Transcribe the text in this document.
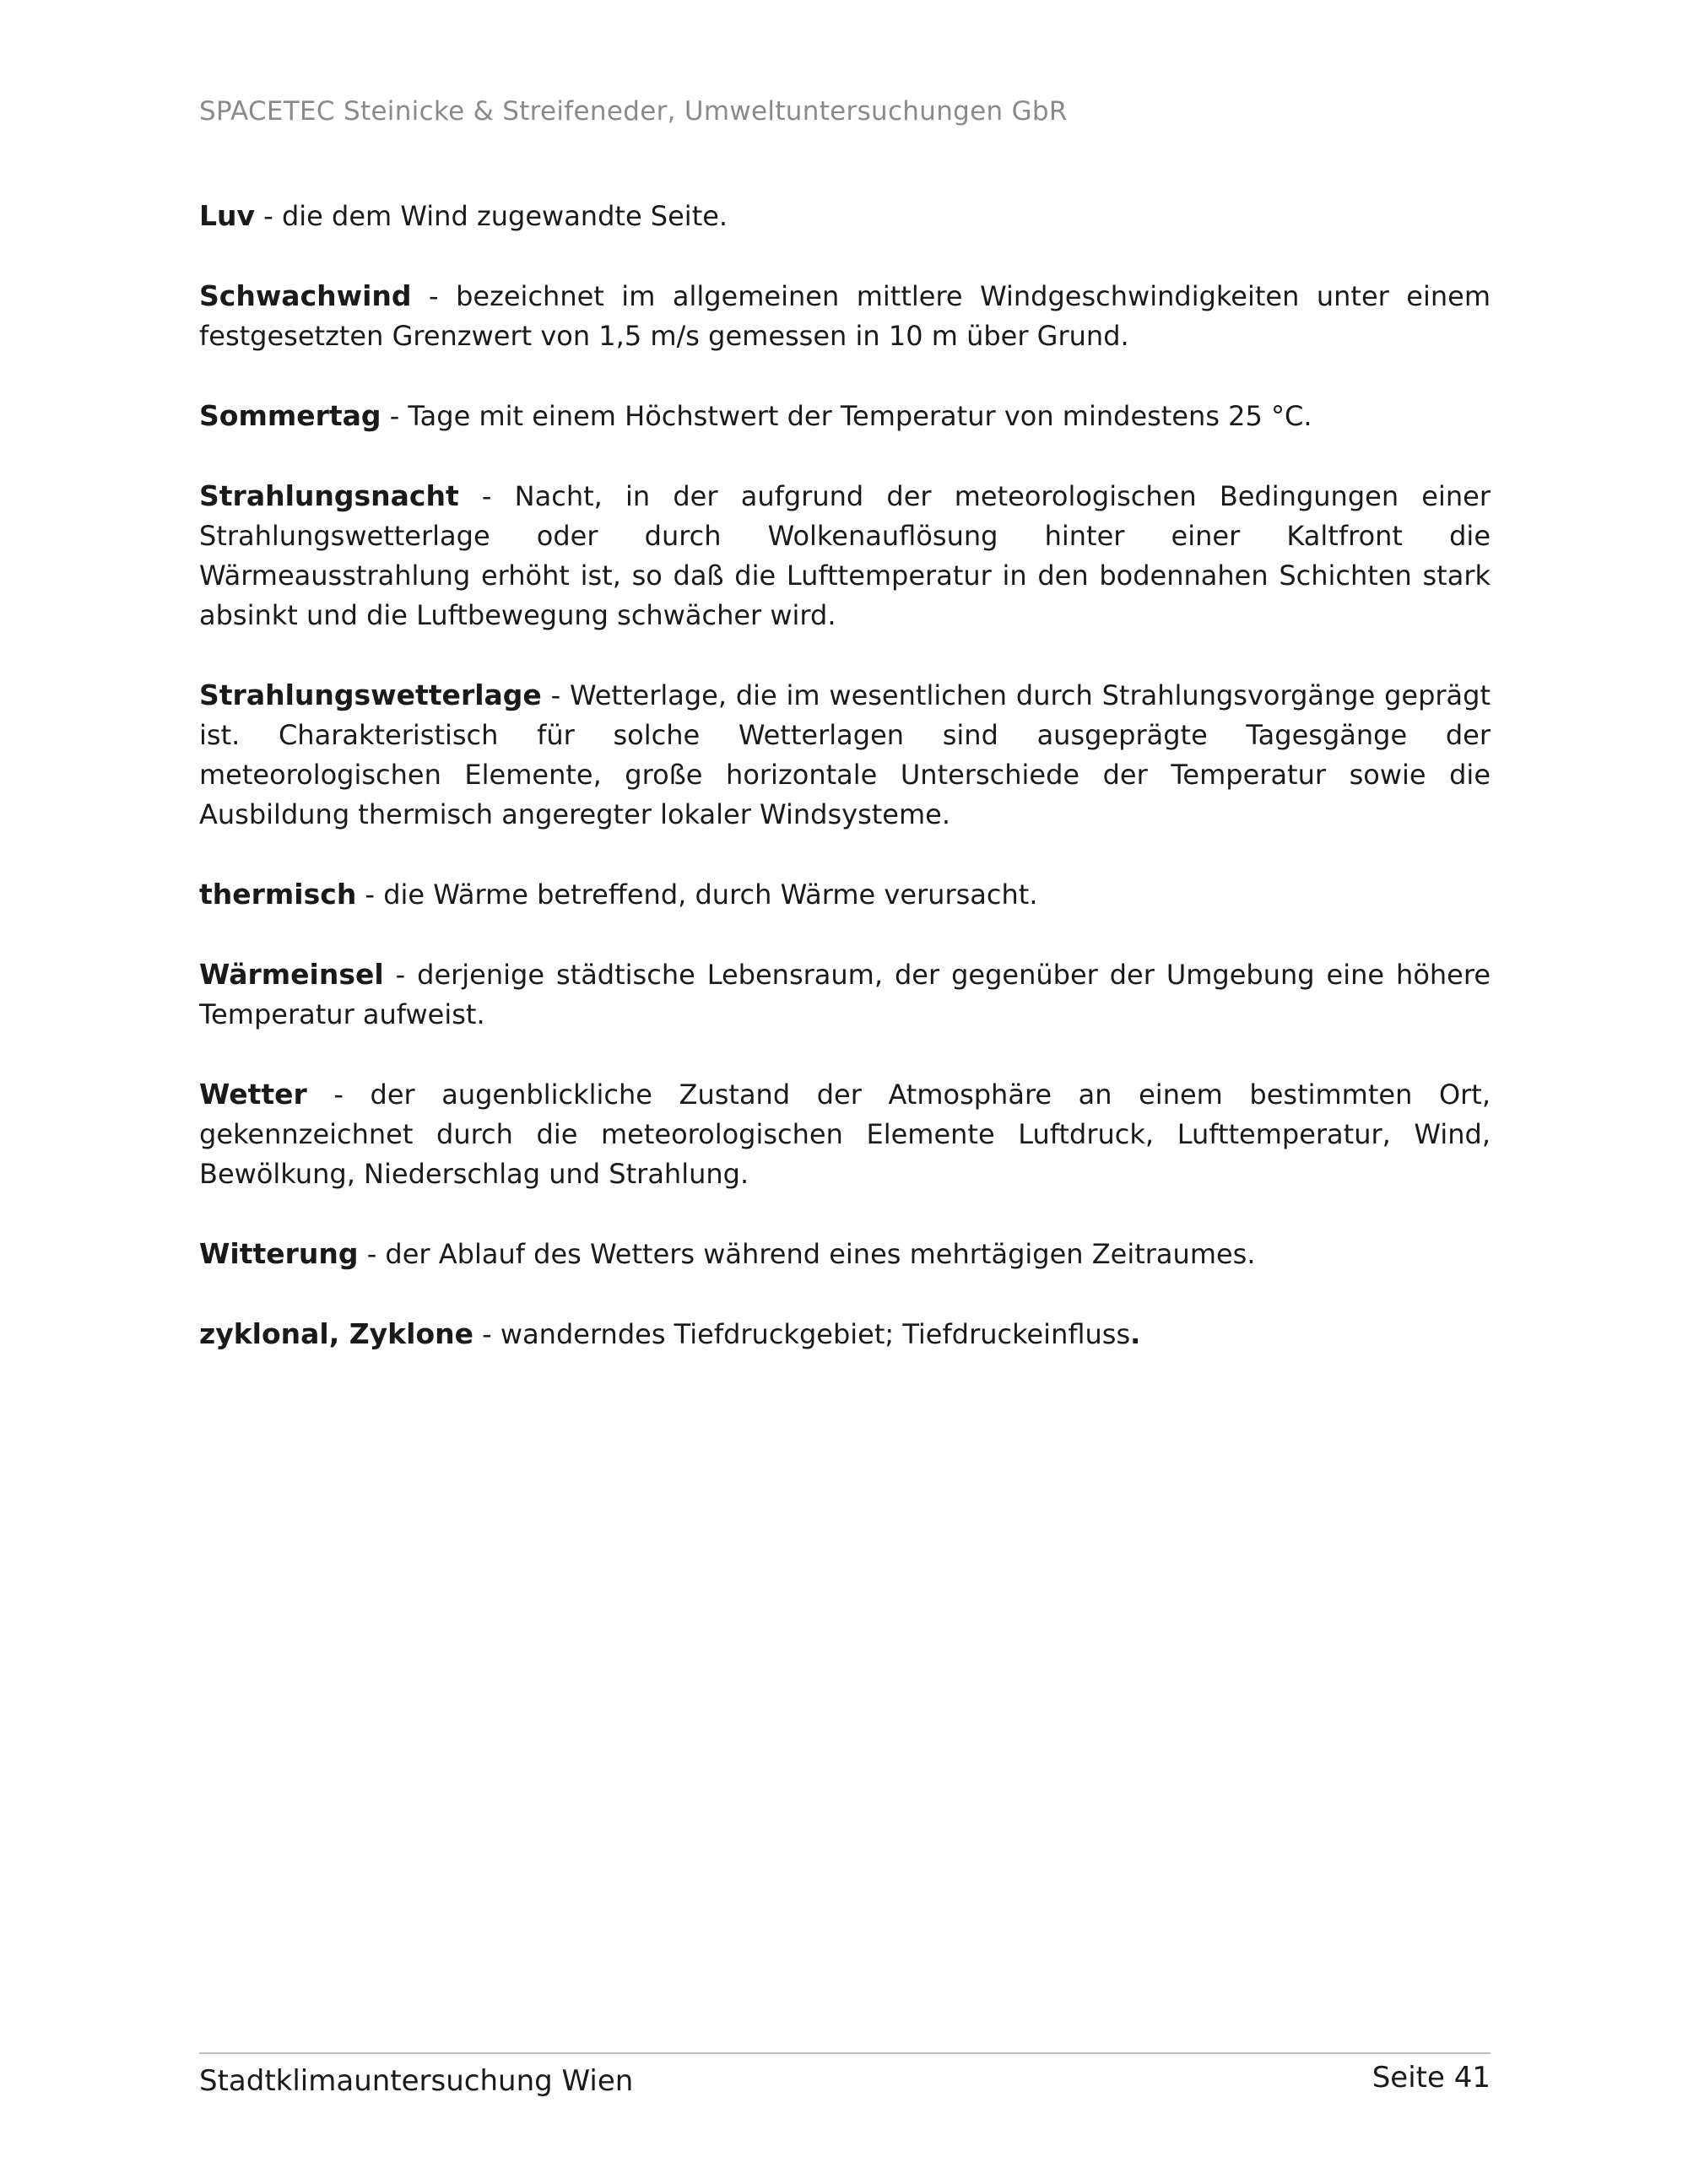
SPACETEC Steinicke & Streifeneder, Umweltuntersuchungen GbR

Luv - die dem Wind zugewandte Seite.

Schwachwind - bezeichnet im allgemeinen mittlere Windgeschwindigkeiten unter einem festgesetzten Grenzwert von 1,5 m/s gemessen in 10 m über Grund.

Sommertag - Tage mit einem Höchstwert der Temperatur von mindestens 25 °C.

Strahlungsnacht - Nacht, in der aufgrund der meteorologischen Bedingungen einer Strahlungswetterlage oder durch Wolkenauflösung hinter einer Kaltfront die Wärmeausstrahlung erhöht ist, so daß die Lufttemperatur in den bodennahen Schichten stark absinkt und die Luftbewegung schwächer wird.

Strahlungswetterlage - Wetterlage, die im wesentlichen durch Strahlungsvorgänge geprägt ist. Charakteristisch für solche Wetterlagen sind ausgeprägte Tagesgänge der meteorologischen Elemente, große horizontale Unterschiede der Temperatur sowie die Ausbildung thermisch angeregter lokaler Windsysteme.

thermisch - die Wärme betreffend, durch Wärme verursacht.

Wärmeinsel - derjenige städtische Lebensraum, der gegenüber der Umgebung eine höhere Temperatur aufweist.

Wetter - der augenblickliche Zustand der Atmosphäre an einem bestimmten Ort, gekennzeichnet durch die meteorologischen Elemente Luftdruck, Lufttemperatur, Wind, Bewölkung, Niederschlag und Strahlung.

Witterung - der Ablauf des Wetters während eines mehrtägigen Zeitraumes.

zyklonal, Zyklone - wanderndes Tiefdruckgebiet; Tiefdruckeinfluss.

Stadtklimauntersuchung Wien	Seite 41
